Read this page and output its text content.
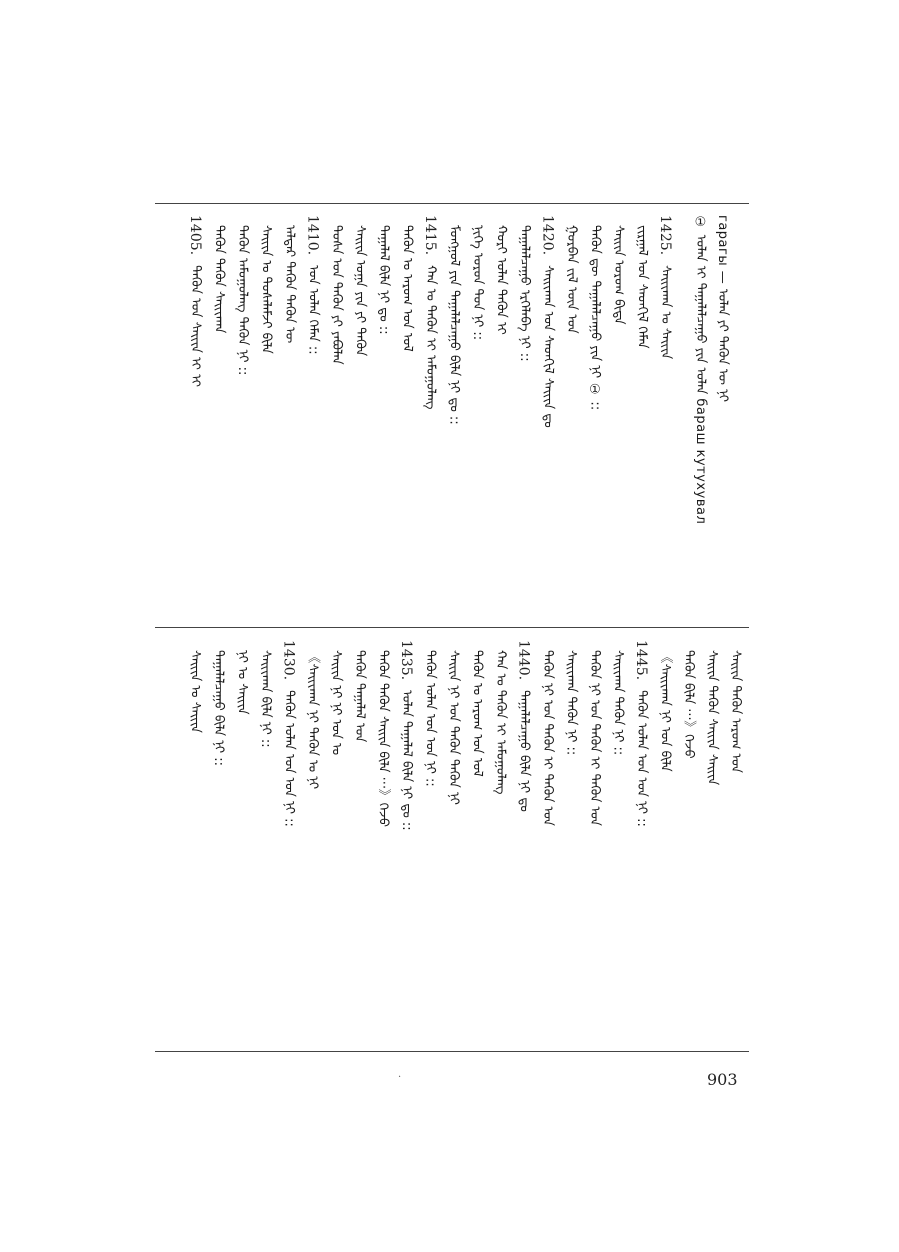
гарагы — ᠣᠯᠠᠨ ᠶᠢ ᠲᠡᠭᠦᠨ ᠦ ᠨᠢ
① ᠣᠯᠠᠨ ᠢ ᠲᠠᠭᠠᠯᠠᠯᠴᠠᠭᠤ ᠶᠢᠨ ᠣᠯᠠᠨ бараш кутухувал
1425.ᠰᠠᠢᠢᠬᠠᠨ ᠤ ᠰᠠᠢᠢᠨ
ᠵᠢᠷᠭᠠᠯ ᠤᠨ ᠰᠡᠳᠬᠢᠯ ᠬᠡᠮᠡᠨ
ᠰᠠᠢᠢᠨ ᠤᠷᠤᠭ ᠪᠢᠳᠠ
ᠲᠡᠭᠦᠨ ᠳᠦ ᠲᠠᠭᠠᠯᠠᠯᠴᠠᠭᠤ ᠶᠢᠨ ᠨᠢ ① ::
ᠭᠤᠷᠪᠠᠨ ᠵᠢᠯ ᠦᠨ ᠣᠨ
1420.ᠰᠠᠢᠢᠬᠠᠨ ᠤᠨ ᠰᠡᠳᠬᠢᠯ ᠰᠠᠢᠢᠨ ᠳᠤ
ᠲᠠᠭᠠᠯᠠᠯᠴᠠᠭᠤ ᠡᠷᠬᠡᠯᠡᠪᠡ ᠨᠢ ::
ᠬᠣᠷᠢ ᠣᠯᠠᠨ ᠲᠡᠭᠦᠨ ᠢ
ᠨᠢᠭᠡ ᠣᠷᠣᠨ ᠲᠤᠨ ᠨᠢ ::
ᠮᠣᠩᠭᠣᠯ ᠶᠢᠨ ᠲᠠᠭᠠᠯᠠᠯᠴᠠᠭᠤ ᠪᠢᠯᠡ ᠨᠢ ᠳᠤ ::
1415.ᠬᠠᠨ ᠤ ᠲᠡᠭᠦᠨ ᠢ ᠠᠮᠤᠭᠤᠯᠠᠩ
ᠲᠡᠭᠦᠨ ᠤ ᠠᠷᠤᠭ ᠣᠨ ᠣᠯ
ᠲᠠᠭᠠᠯᠠᠯ ᠪᠢᠯᠡ ᠨᠢ ᠳᠤ ::
ᠰᠠᠢᠢᠨ ᠤᠭᠠ ᠶᠢᠨ ᠶᠢ ᠲᠡᠭᠦᠨ
ᠲᠤᠰᠠ ᠤᠨ ᠲᠡᠭᠦᠨ ᠶᠢ ᠶᠠᠪᠤᠯᠠᠨ
1410.ᠣᠨ ᠤᠯᠠᠨ ᠬᠡᠮᠡᠨ ::
ᠠᠯᠳᠠᠷ ᠲᠡᠭᠦᠨ ᠲᠡᠭᠦᠨ ᠦ
ᠰᠠᠢᠢᠨ ᠤ ᠲᠤᠰᠠᠯᠠᠮᠵᠢ ᠪᠢᠯᠡ
ᠲᠡᠭᠦᠨ ᠠᠮᠤᠭᠤᠯᠠᠩ ᠲᠡᠭᠦᠨ ᠨᠢ ::
ᠲᠡᠭᠦᠨ ᠲᠡᠭᠦᠨ ᠰᠠᠢᠢᠬᠠᠨ
1405.ᠲᠡᠭᠦᠨ ᠤᠨ ᠰᠠᠢᠢᠨ ᠢ ᠢ
ᠰᠠᠢᠢᠨ ᠲᠡᠭᠦᠨ ᠠᠷᠤᠭ ᠣᠨ
ᠰᠠᠢᠢᠨ ᠲᠡᠭᠦᠨ ᠰᠠᠢᠢᠨ ᠰᠠᠢᠢᠨ
ᠲᠡᠭᠦᠨ ᠪᠢᠯᠡ ···》ᠭᠡᠵᠦ
《ᠰᠠᠢᠢᠬᠠᠨ ᠨᠢ ᠤᠨ ᠪᠢᠯᠡ
1445.ᠲᠡᠭᠦᠨ ᠣᠯᠠᠨ ᠤᠨ ᠣᠨ ᠨᠢ ::
ᠰᠠᠢᠢᠬᠠᠨ ᠲᠡᠭᠦᠨ ᠨᠢ ::
ᠲᠡᠭᠦᠨ ᠨᠢ ᠤᠨ ᠲᠡᠭᠦᠨ ᠢ ᠲᠡᠭᠦᠨ ᠣᠨ
ᠰᠠᠢᠢᠬᠠᠨ ᠲᠡᠭᠦᠨ ᠨᠢ ::
ᠲᠡᠭᠦᠨ ᠨᠢ ᠤᠨ ᠲᠡᠭᠦᠨ ᠢ ᠲᠡᠭᠦᠨ ᠣᠨ
1440.ᠲᠠᠭᠠᠯᠠᠯᠴᠠᠭᠤ ᠪᠢᠯᠡ ᠨᠢ ᠳᠤ
ᠬᠠᠨ ᠤ ᠲᠡᠭᠦᠨ ᠢ ᠠᠮᠤᠭᠤᠯᠠᠩ
ᠲᠡᠭᠦᠨ ᠤ ᠠᠷᠤᠭ ᠣᠨ ᠣᠯ
ᠰᠠᠢᠢᠨ ᠨᠢ ᠤᠨ ᠲᠡᠭᠦᠨ ᠲᠡᠭᠦᠨ ᠨᠢ
ᠲᠡᠭᠦᠨ ᠣᠯᠠᠨ ᠤᠨ ᠣᠨ ᠨᠢ ::
1435.ᠣᠯᠠᠨ ᠲᠠᠭᠠᠯᠠᠯ ᠪᠢᠯᠡ ᠨᠢ ᠳᠤ ::
ᠲᠡᠭᠦᠨ ᠲᠡᠭᠦᠨ ᠰᠠᠢᠢᠨ ᠪᠢᠯᠡ ···》ᠭᠡᠵᠦ
ᠲᠡᠭᠦᠨ ᠲᠠᠭᠠᠯᠠᠯ ᠣᠨ
ᠰᠠᠢᠢᠨ ᠨᠢ ᠨᠢ ᠤᠨ ᠤ
《ᠰᠠᠢᠢᠬᠠᠨ ᠨᠢ ᠲᠡᠭᠦᠨ ᠤ ᠨᠢ
1430.ᠲᠡᠭᠦᠨ ᠣᠯᠠᠨ ᠤᠨ ᠣᠨ ᠨᠢ ::
ᠰᠠᠢᠢᠬᠠᠨ ᠪᠢᠯᠡ ᠨᠢ ::
ᠨᠢ ᠣ ᠰᠠᠢᠢᠨ
ᠲᠠᠭᠠᠯᠠᠯᠴᠠᠭᠤ ᠪᠢᠯᠡ ᠨᠢ ::
ᠰᠠᠢᠢᠨ ᠣ ᠰᠠᠢᠢᠨ
·	903
